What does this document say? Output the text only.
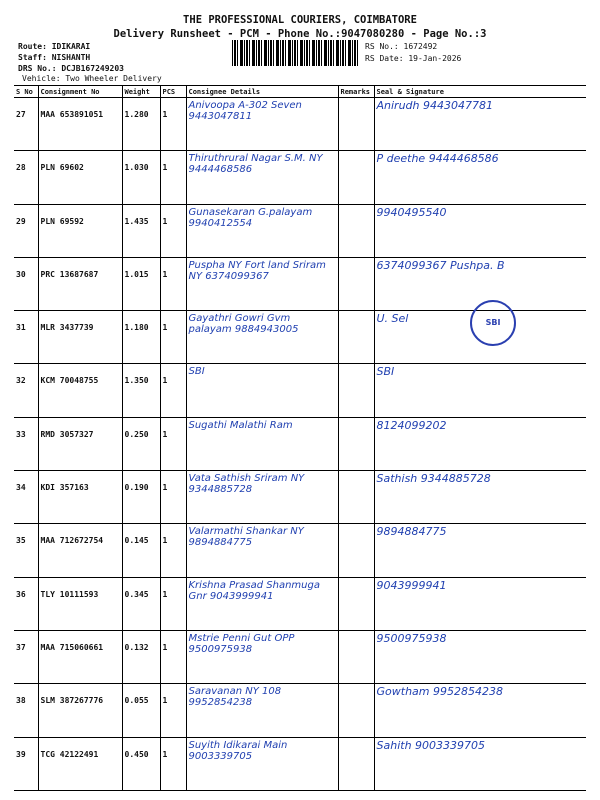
THE PROFESSIONAL COURIERS, COIMBATORE
Delivery Runsheet - PCM - Phone No.:9047080280 - Page No.:3
Route: IDIKARAI
Staff: NISHANTH
DRS No.: DCJB167249203
Vehicle: Two Wheeler Delivery
RS No.: 1672492
RS Date: 19-Jan-2026
S No	Consignment No	Weight	PCS	Consignee Details	Remarks	Seal & Signature
27	MAA 653891051	1.280	1	Anivoopa A-302 Seven 9443047811		Anirudh 9443047781

28	PLN 69602	1.030	1	Thiruthrural Nagar S.M. NY 9444468586		P deethe 9444468586

29	PLN 69592	1.435	1	Gunasekaran G.palayam 9940412554		9940495540

30	PRC 13687687	1.015	1	Puspha NY Fort land Sriram NY 6374099367		6374099367 Pushpa. B

31	MLR 3437739	1.180	1	Gayathri Gowri Gvm palayam 9884943005		U. Sel

32	KCM 70048755	1.350	1	SBI		SBI

33	RMD 3057327	0.250	1	Sugathi Malathi Ram		8124099202

34	KDI 357163	0.190	1	Vata Sathish Sriram NY 9344885728		Sathish 9344885728

35	MAA 712672754	0.145	1	Valarmathi Shankar NY 9894884775		9894884775

36	TLY 10111593	0.345	1	Krishna Prasad Shanmuga Gnr 9043999941		9043999941

37	MAA 715060661	0.132	1	Mstrie Penni Gut OPP 9500975938		9500975938

38	SLM 387267776	0.055	1	Saravanan NY 108 9952854238		Gowtham 9952854238

39	TCG 42122491	0.450	1	Suyith Idikarai Main 9003339705		Sahith 9003339705
SBI
